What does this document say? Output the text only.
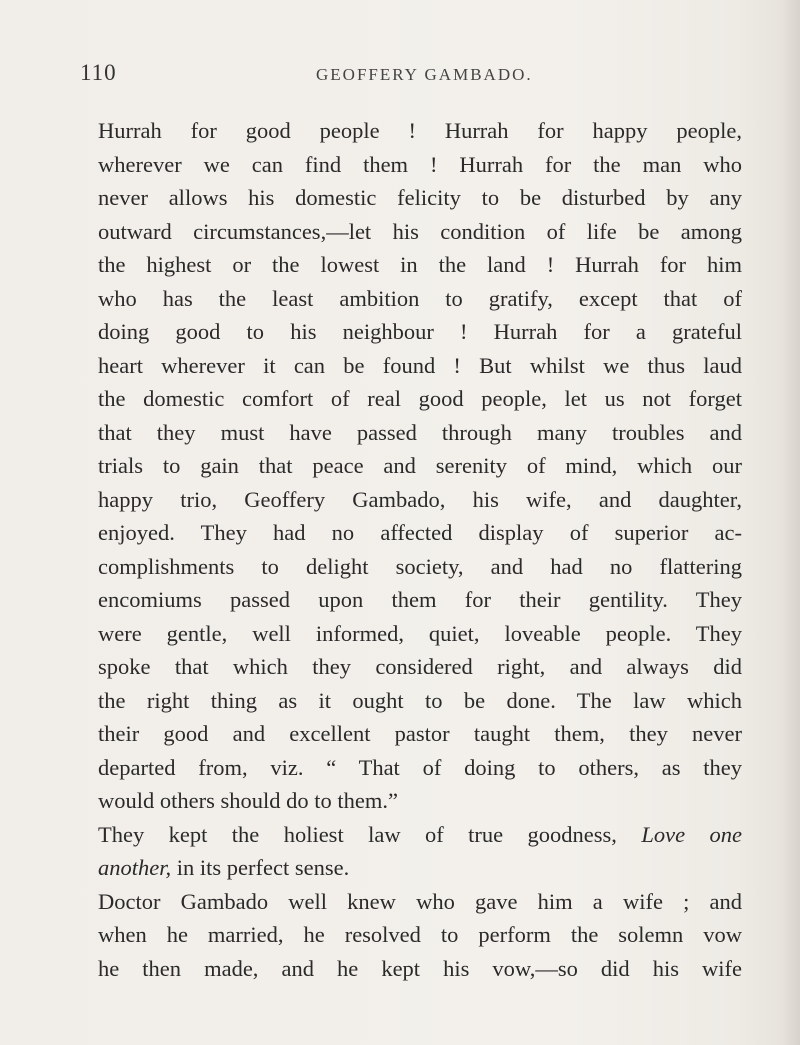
110	GEOFFERY GAMBADO.
Hurrah for good people ! Hurrah for happy people,
wherever we can find them ! Hurrah for the man who
never allows his domestic felicity to be disturbed by any
outward circumstances,—let his condition of life be among
the highest or the lowest in the land ! Hurrah for him
who has the least ambition to gratify, except that of
doing good to his neighbour ! Hurrah for a grateful
heart wherever it can be found ! But whilst we thus laud
the domestic comfort of real good people, let us not forget
that they must have passed through many troubles and
trials to gain that peace and serenity of mind, which our
happy trio, Geoffery Gambado, his wife, and daughter,
enjoyed. They had no affected display of superior ac-
complishments to delight society, and had no flattering
encomiums passed upon them for their gentility. They
were gentle, well informed, quiet, loveable people. They
spoke that which they considered right, and always did
the right thing as it ought to be done. The law which
their good and excellent pastor taught them, they never
departed from, viz. “ That of doing to others, as they
would others should do to them.”
They kept the holiest law of true goodness, Love one
another, in its perfect sense.
Doctor Gambado well knew who gave him a wife ; and
when he married, he resolved to perform the solemn vow
he then made, and he kept his vow,—so did his wife
